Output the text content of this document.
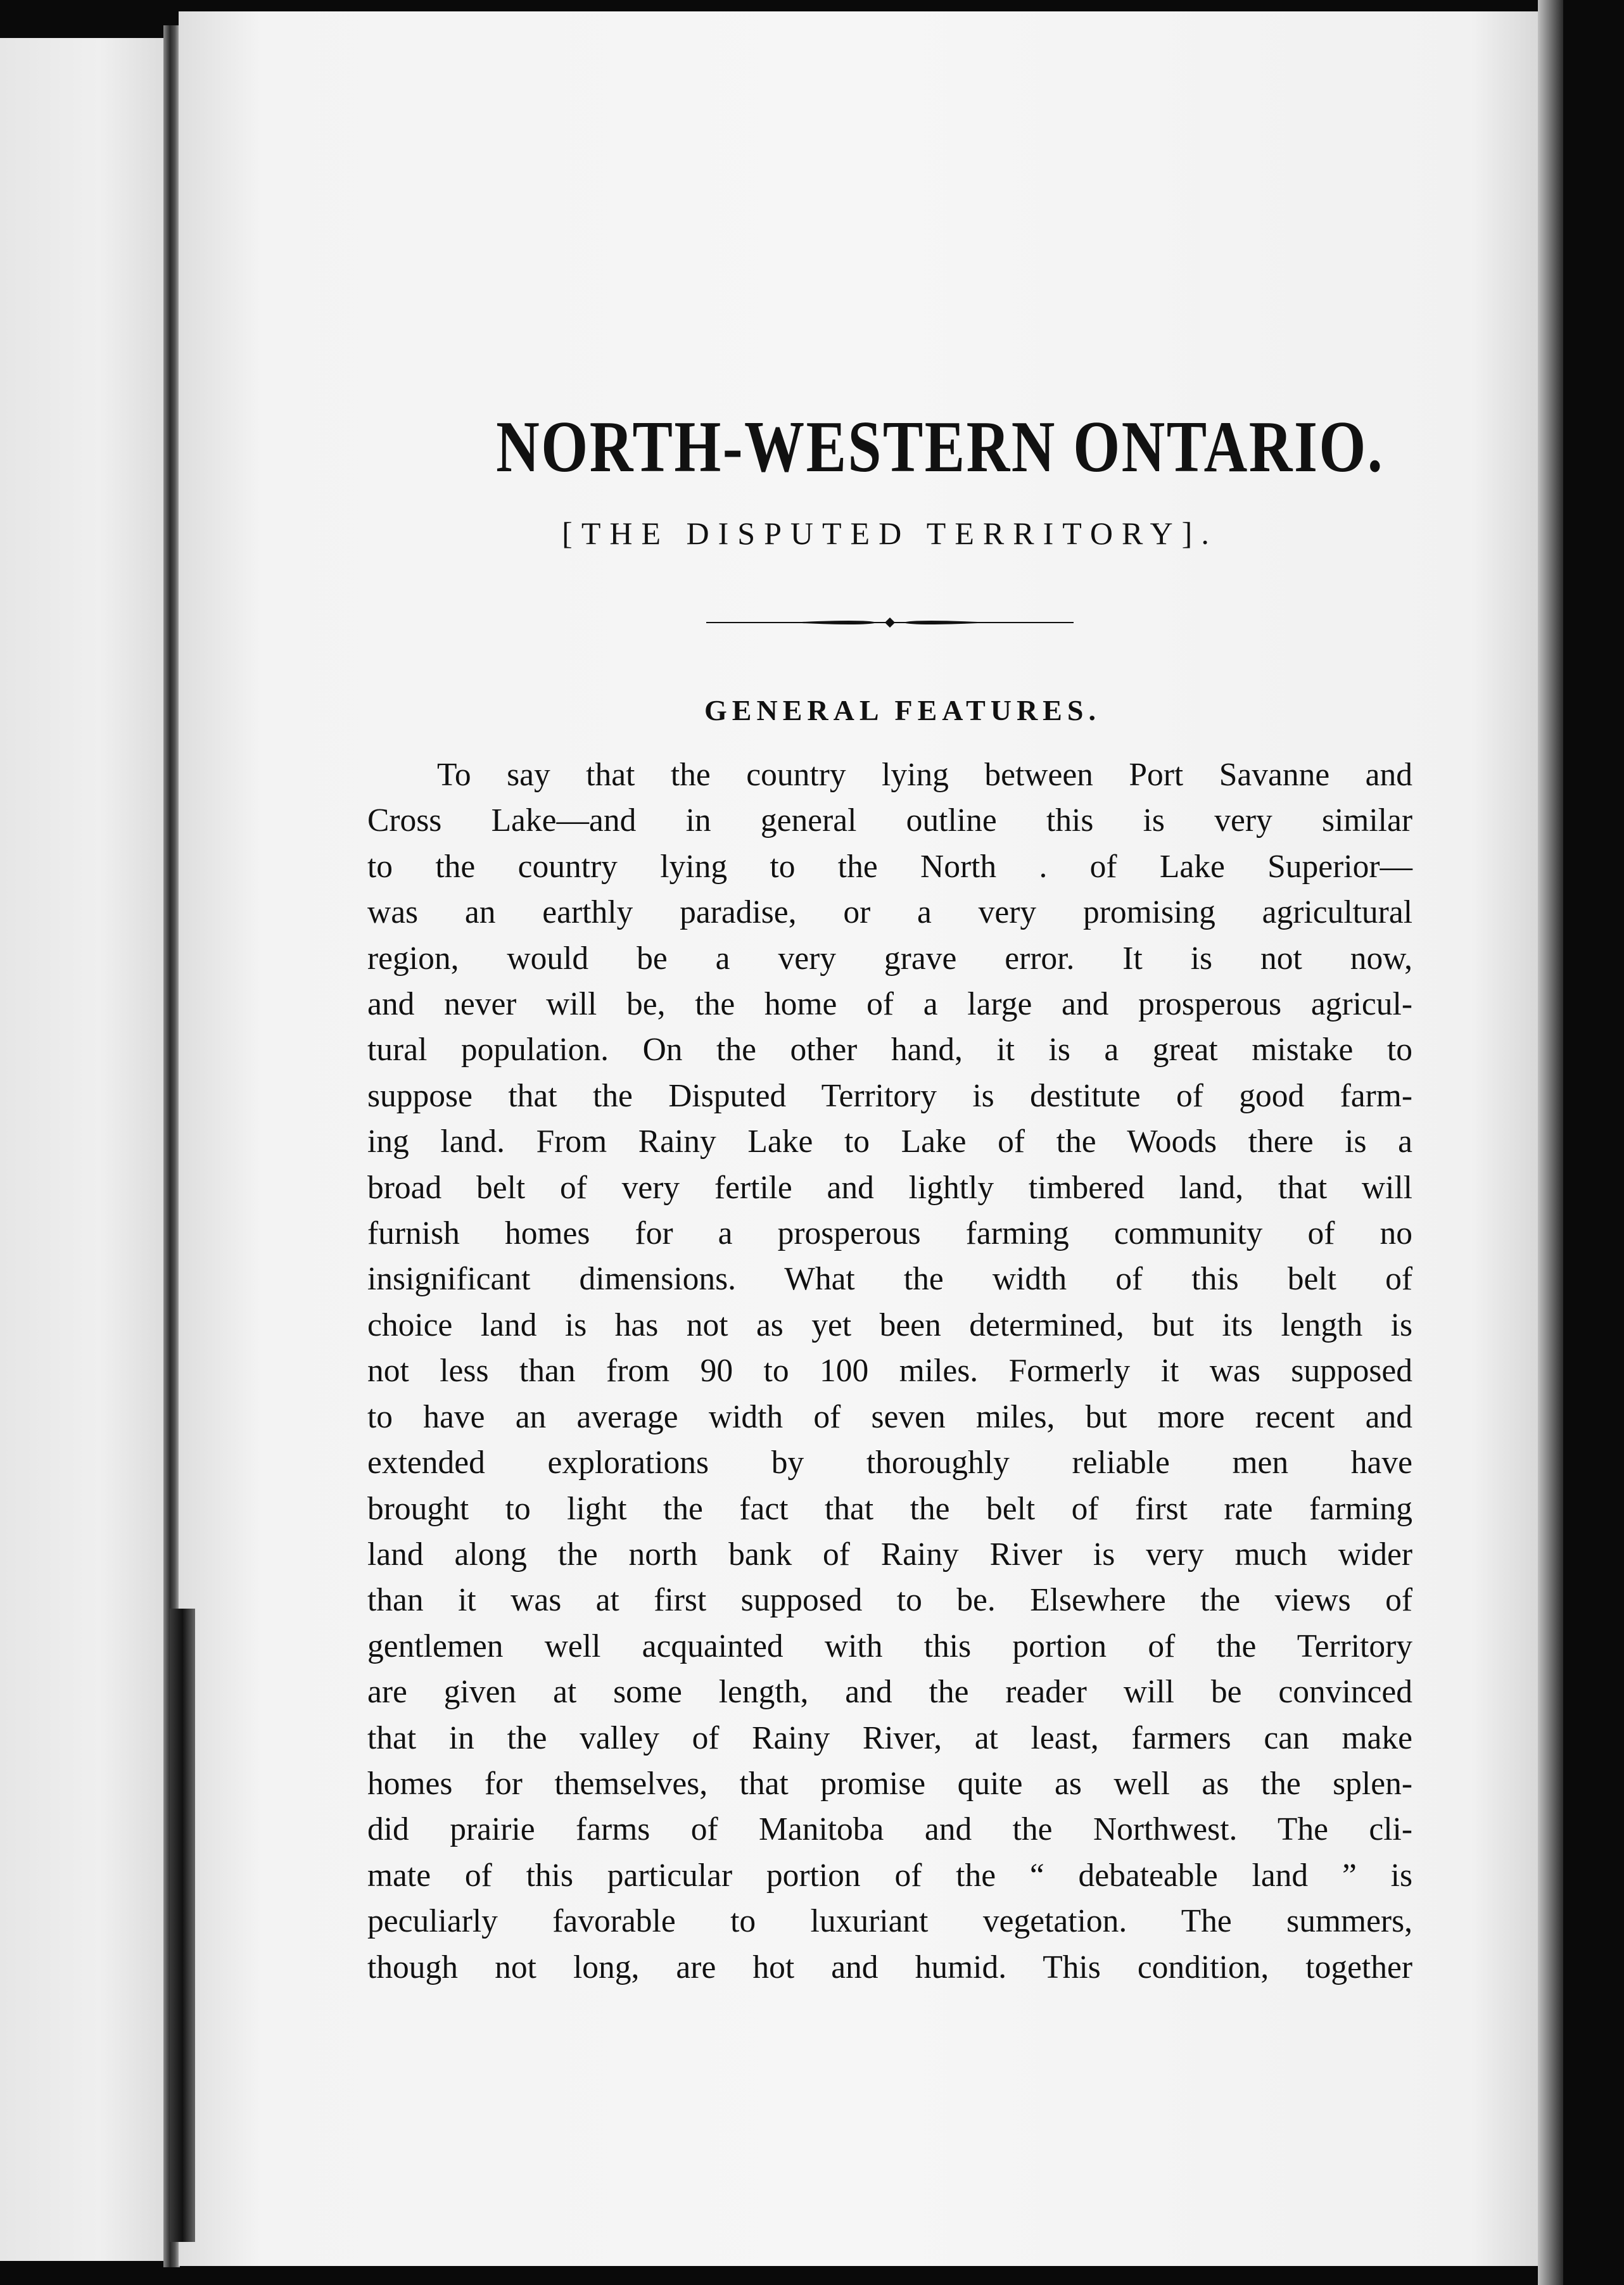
NORTH-WESTERN ONTARIO.
[THE DISPUTED TERRITORY].
GENERAL FEATURES.
To say that the country lying between Port Savanne and
Cross Lake—and in general outline this is very similar
to the country lying to the North . of Lake Superior—
was an earthly paradise, or a very promising agricultural
region, would be a very grave error. It is not now,
and never will be, the home of a large and prosperous agricul-
tural population. On the other hand, it is a great mistake to
suppose that the Disputed Territory is destitute of good farm-
ing land. From Rainy Lake to Lake of the Woods there is a
broad belt of very fertile and lightly timbered land, that will
furnish homes for a prosperous farming community of no
insignificant dimensions. What the width of this belt of
choice land is has not as yet been determined, but its length is
not less than from 90 to 100 miles. Formerly it was supposed
to have an average width of seven miles, but more recent and
extended explorations by thoroughly reliable men have
brought to light the fact that the belt of first rate farming
land along the north bank of Rainy River is very much wider
than it was at first supposed to be. Elsewhere the views of
gentlemen well acquainted with this portion of the Territory
are given at some length, and the reader will be convinced
that in the valley of Rainy River, at least, farmers can make
homes for themselves, that promise quite as well as the splen-
did prairie farms of Manitoba and the Northwest. The cli-
mate of this particular portion of the “ debateable land ” is
peculiarly favorable to luxuriant vegetation. The summers,
though not long, are hot and humid. This condition, together
